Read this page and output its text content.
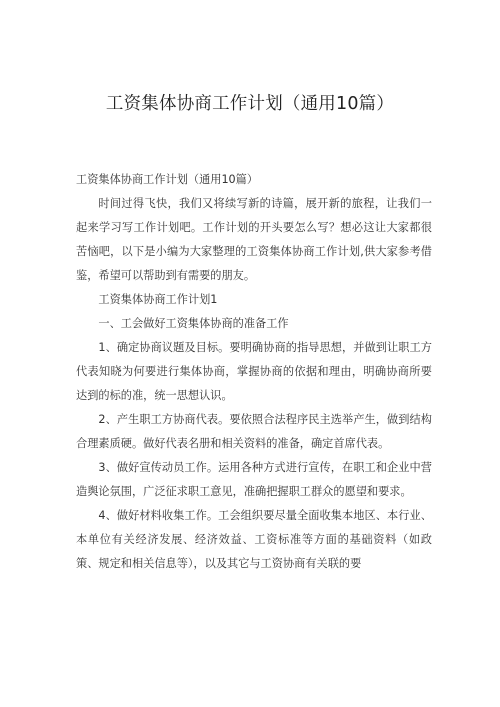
工资集体协商工作计划（通用10篇）

工资集体协商工作计划（通用10篇）

时间过得飞快，我们又将续写新的诗篇，展开新的旅程，让我们一起来学习写工作计划吧。工作计划的开头要怎么写？想必这让大家都很苦恼吧，以下是小编为大家整理的工资集体协商工作计划,供大家参考借鉴，希望可以帮助到有需要的朋友。

工资集体协商工作计划1

一、工会做好工资集体协商的准备工作

1、确定协商议题及目标。要明确协商的指导思想，并做到让职工方代表知晓为何要进行集体协商，掌握协商的依据和理由，明确协商所要达到的标的准，统一思想认识。

2、产生职工方协商代表。要依照合法程序民主选举产生，做到结构合理素质硬。做好代表名册和相关资料的准备，确定首席代表。

3、做好宣传动员工作。运用各种方式进行宣传，在职工和企业中营造舆论氛围，广泛征求职工意见，准确把握职工群众的愿望和要求。

4、做好材料收集工作。工会组织要尽量全面收集本地区、本行业、本单位有关经济发展、经济效益、工资标准等方面的基础资料（如政策、规定和相关信息等），以及其它与工资协商有关联的要
